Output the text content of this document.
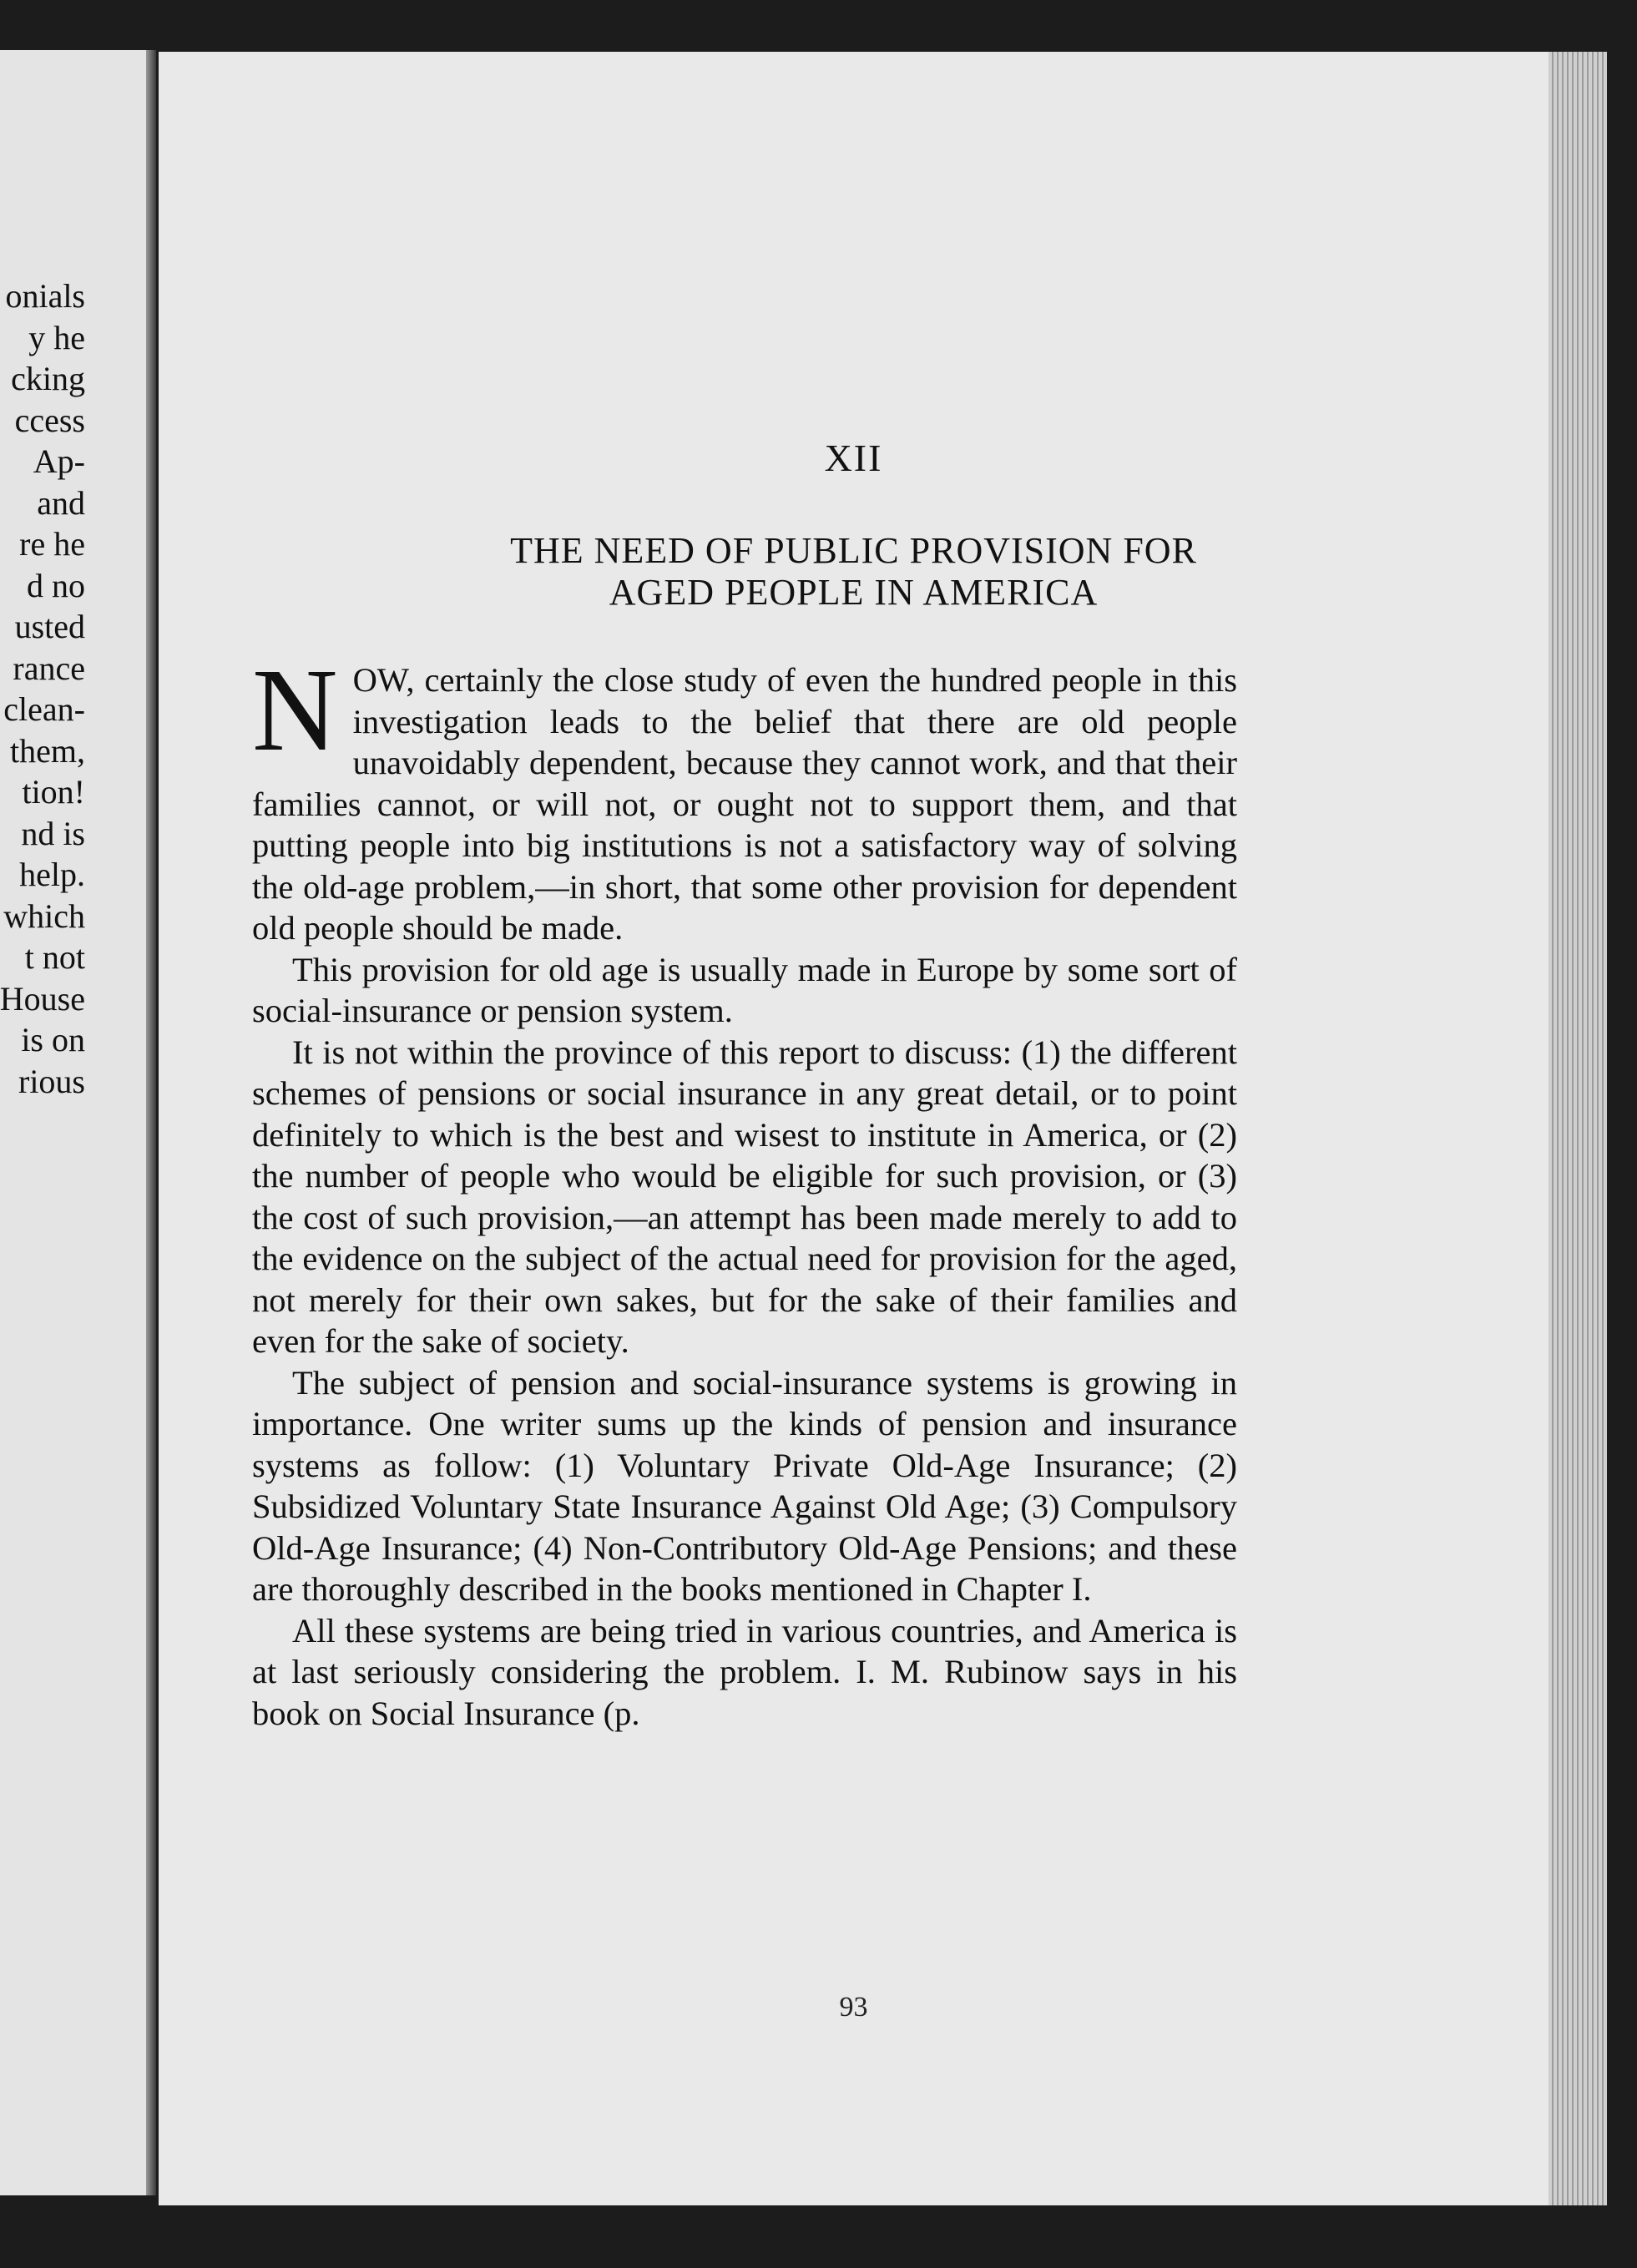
onials
y he
cking
ccess
Ap-
and
re he
d no
usted
rance
clean-
them,
tion!
nd is
help.
which
t not
House
is on
rious
XII
THE NEED OF PUBLIC PROVISION FOR
AGED PEOPLE IN AMERICA

N OW, certainly the close study of even the hundred people in this investigation leads to the belief that there are old people unavoidably dependent, because they cannot work, and that their families cannot, or will not, or ought not to support them, and that putting people into big institutions is not a satisfactory way of solving the old-age problem,—in short, that some other provision for dependent old people should be made.

This provision for old age is usually made in Europe by some sort of social-insurance or pension system.

It is not within the province of this report to discuss: (1) the different schemes of pensions or social insurance in any great detail, or to point definitely to which is the best and wisest to institute in America, or (2) the number of people who would be eligible for such provision, or (3) the cost of such provision,—an attempt has been made merely to add to the evidence on the subject of the actual need for provision for the aged, not merely for their own sakes, but for the sake of their families and even for the sake of society.

The subject of pension and social-insurance systems is growing in importance. One writer sums up the kinds of pension and insurance systems as follow: (1) Voluntary Private Old-Age Insurance; (2) Subsidized Voluntary State Insurance Against Old Age; (3) Compulsory Old-Age Insurance; (4) Non-Contributory Old-Age Pensions; and these are thoroughly described in the books mentioned in Chapter I.

All these systems are being tried in various countries, and America is at last seriously considering the problem. I. M. Rubinow says in his book on Social Insurance (p.

93
